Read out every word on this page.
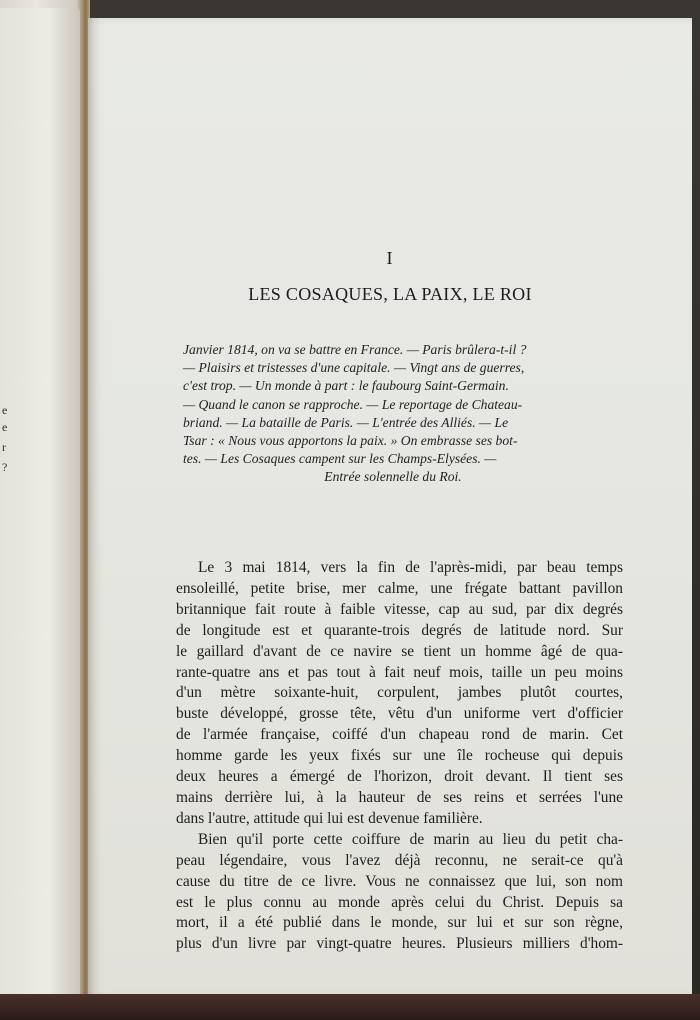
e
e
r
?
I
LES COSAQUES, LA PAIX, LE ROI
Janvier 1814, on va se battre en France. — Paris brûlera-t-il ?
— Plaisirs et tristesses d'une capitale. — Vingt ans de guerres,
c'est trop. — Un monde à part : le faubourg Saint-Germain.
— Quand le canon se rapproche. — Le reportage de Chateau-
briand. — La bataille de Paris. — L'entrée des Alliés. — Le
Tsar : « Nous vous apportons la paix. » On embrasse ses bot-
tes. — Les Cosaques campent sur les Champs-Elysées. —
Entrée solennelle du Roi.
Le 3 mai 1814, vers la fin de l'après-midi, par beau temps
ensoleillé, petite brise, mer calme, une frégate battant pavillon
britannique fait route à faible vitesse, cap au sud, par dix degrés
de longitude est et quarante-trois degrés de latitude nord. Sur
le gaillard d'avant de ce navire se tient un homme âgé de qua-
rante-quatre ans et pas tout à fait neuf mois, taille un peu moins
d'un mètre soixante-huit, corpulent, jambes plutôt courtes,
buste développé, grosse tête, vêtu d'un uniforme vert d'officier
de l'armée française, coiffé d'un chapeau rond de marin. Cet
homme garde les yeux fixés sur une île rocheuse qui depuis
deux heures a émergé de l'horizon, droit devant. Il tient ses
mains derrière lui, à la hauteur de ses reins et serrées l'une
dans l'autre, attitude qui lui est devenue familière.
Bien qu'il porte cette coiffure de marin au lieu du petit cha-
peau légendaire, vous l'avez déjà reconnu, ne serait-ce qu'à
cause du titre de ce livre. Vous ne connaissez que lui, son nom
est le plus connu au monde après celui du Christ. Depuis sa
mort, il a été publié dans le monde, sur lui et sur son règne,
plus d'un livre par vingt-quatre heures. Plusieurs milliers d'hom-
